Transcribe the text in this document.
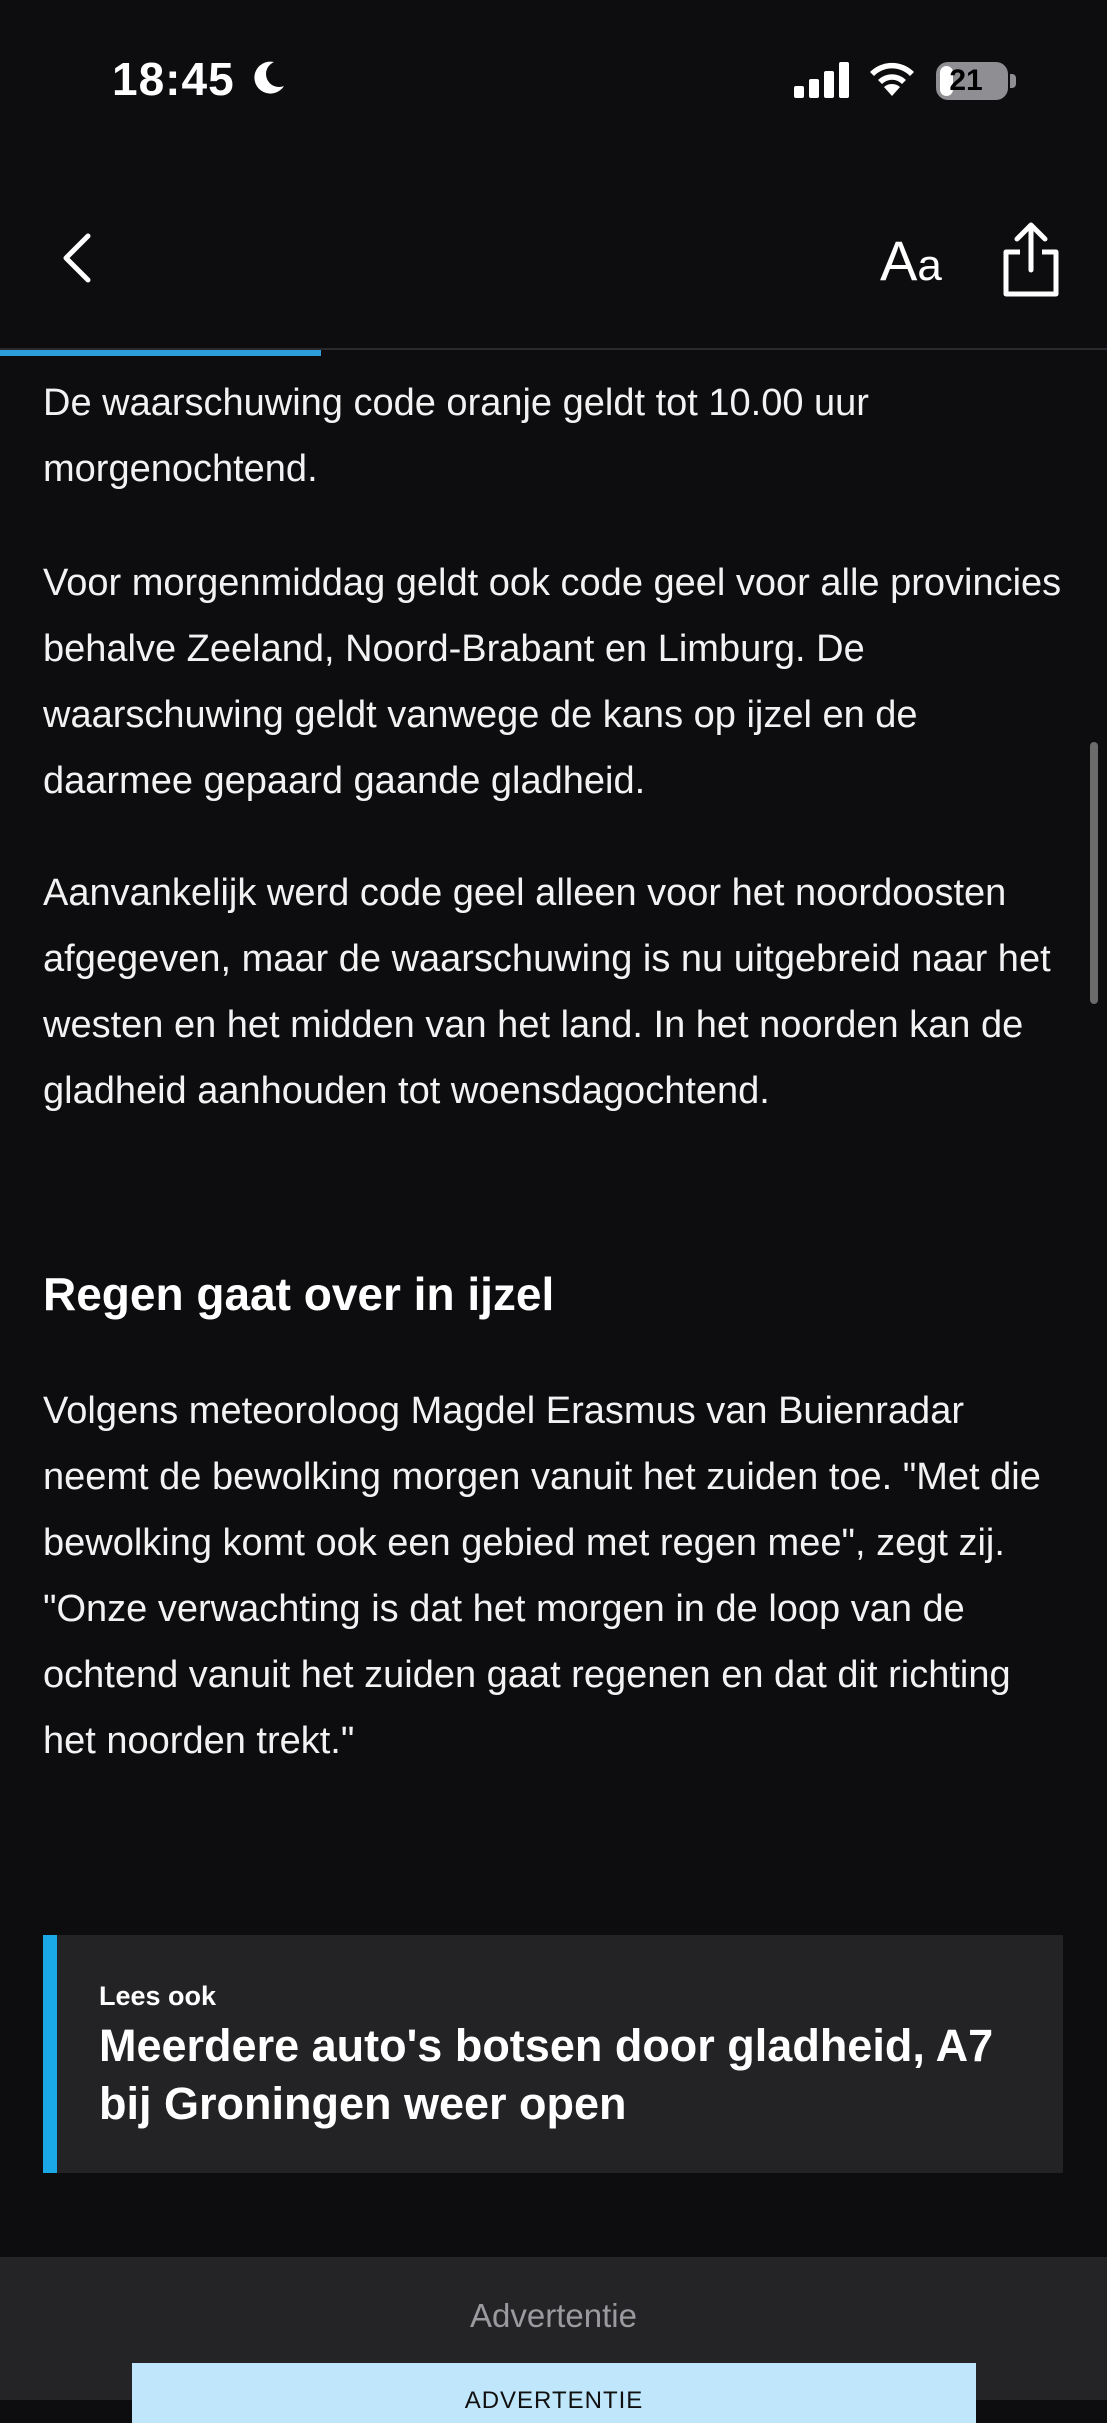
18:45	21
Aa

De waarschuwing code oranje geldt tot 10.00 uur morgenochtend.

Voor morgenmiddag geldt ook code geel voor alle provincies behalve Zeeland, Noord-Brabant en Limburg. De waarschuwing geldt vanwege de kans op ijzel en de daarmee gepaard gaande gladheid.

Aanvankelijk werd code geel alleen voor het noordoosten afgegeven, maar de waarschuwing is nu uitgebreid naar het westen en het midden van het land. In het noorden kan de gladheid aanhouden tot woensdagochtend.

Regen gaat over in ijzel

Volgens meteoroloog Magdel Erasmus van Buienradar neemt de bewolking morgen vanuit het zuiden toe. "Met die bewolking komt ook een gebied met regen mee", zegt zij. "Onze verwachting is dat het morgen in de loop van de ochtend vanuit het zuiden gaat regenen en dat dit richting het noorden trekt."

Lees ook
Meerdere auto's botsen door gladheid, A7 bij Groningen weer open
Advertentie
ADVERTENTIE
